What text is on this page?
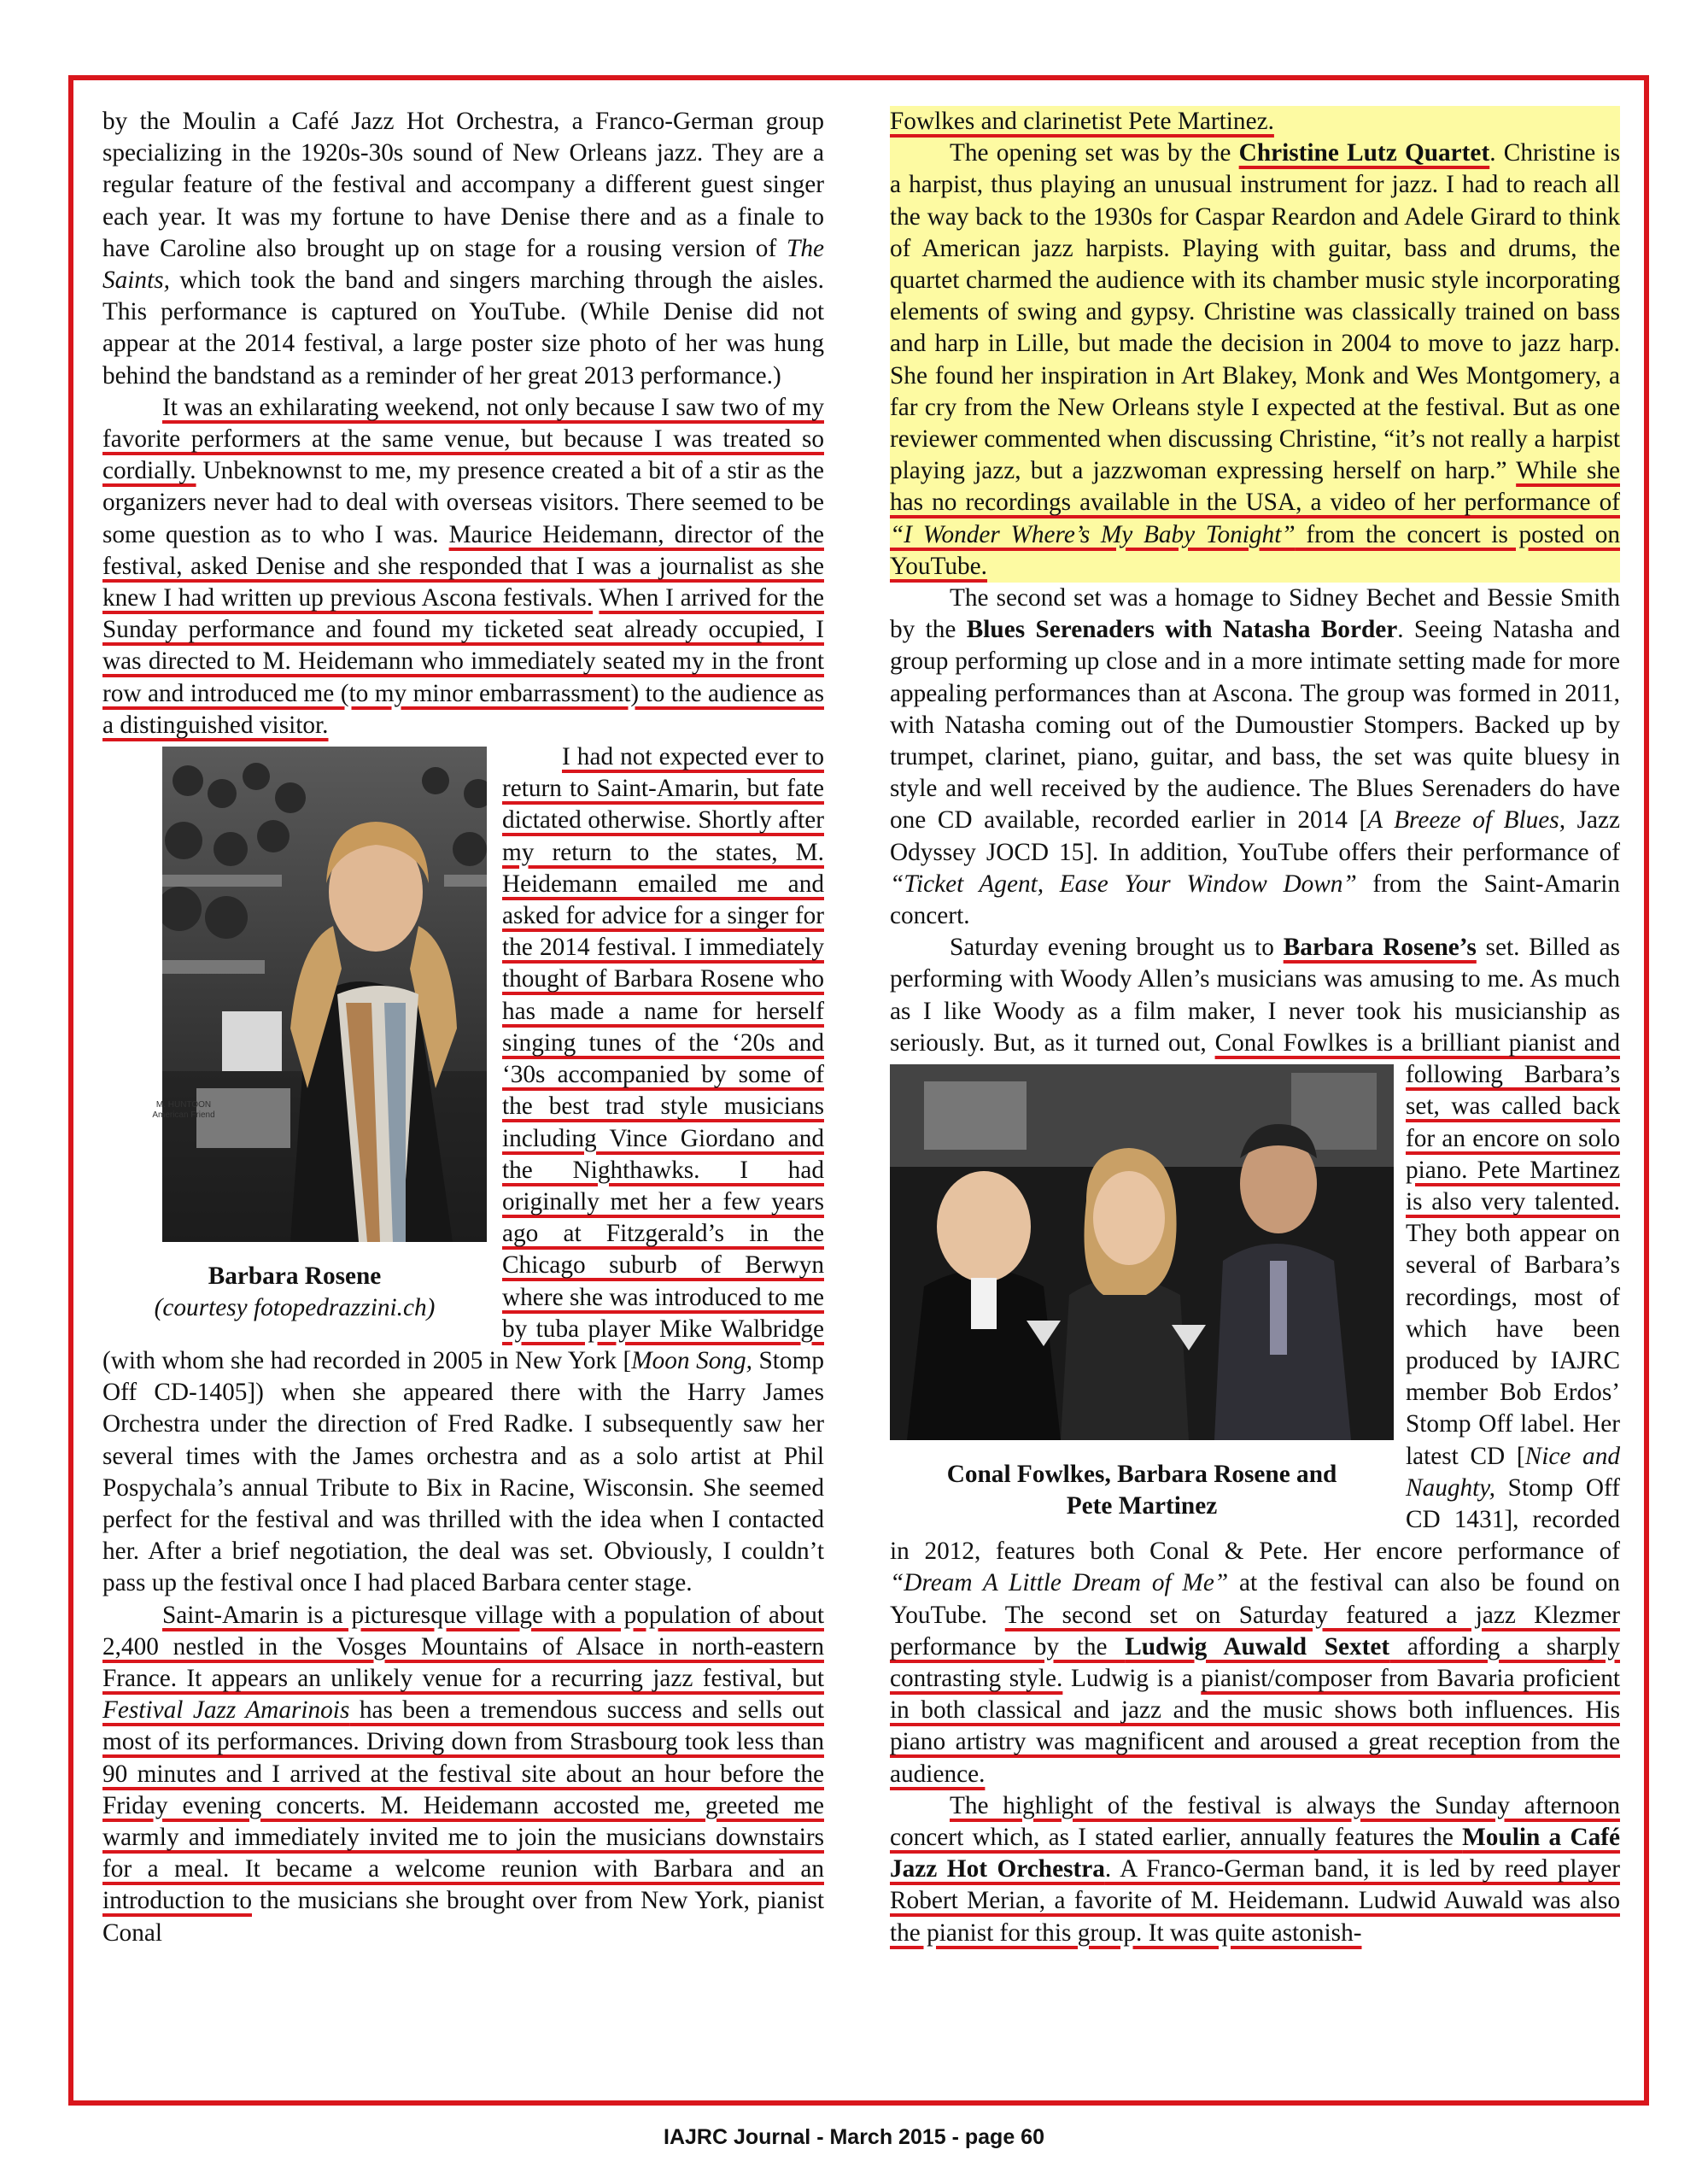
by the Moulin a Café Jazz Hot Orchestra, a Franco-German group specializing in the 1920s-30s sound of New Orleans jazz. They are a regular feature of the festival and accompany a different guest singer each year. It was my fortune to have Denise there and as a finale to have Caroline also brought up on stage for a rousing version of The Saints, which took the band and singers marching through the aisles. This performance is captured on YouTube. (While Denise did not appear at the 2014 festival, a large poster size photo of her was hung behind the bandstand as a reminder of her great 2013 performance.)

It was an exhilarating weekend, not only because I saw two of my favorite performers at the same venue, but because I was treated so cordially. Unbeknownst to me, my presence created a bit of a stir as the organizers never had to deal with overseas visitors. There seemed to be some question as to who I was. Maurice Heidemann, director of the festival, asked Denise and she responded that I was a journalist as she knew I had written up previous Ascona festivals. When I arrived for the Sunday performance and found my ticketed seat already occupied, I was directed to M. Heidemann who immediately seated my in the front row and introduced me (to my minor embarrassment) to the audience as a distinguished visitor.

M. HUNTOON American Friend
Barbara Rosene
(courtesy fotopedrazzini.ch)
I had not expected ever to return to Saint-Amarin, but fate dictated otherwise. Shortly after my return to the states, M. Heidemann emailed me and asked for advice for a singer for the 2014 festival. I immediately thought of Barbara Rosene who has made a name for herself singing tunes of the ‘20s and ‘30s accompanied by some of the best trad style musicians including Vince Giordano and the Nighthawks. I had originally met her a few years ago at Fitzgerald’s in the Chicago suburb of Berwyn where she was introduced to me by tuba player Mike Walbridge (with whom she had recorded in 2005 in New York [Moon Song, Stomp Off CD-1405]) when she appeared there with the Harry James Orchestra under the direction of Fred Radke. I subsequently saw her several times with the James orchestra and as a solo artist at Phil Pospychala’s annual Tribute to Bix in Racine, Wisconsin. She seemed perfect for the festival and was thrilled with the idea when I contacted her. After a brief negotiation, the deal was set. Obviously, I couldn’t pass up the festival once I had placed Barbara center stage.

Saint-Amarin is a picturesque village with a population of about 2,400 nestled in the Vosges Mountains of Alsace in north-eastern France. It appears an unlikely venue for a recurring jazz festival, but Festival Jazz Amarinois has been a tremendous success and sells out most of its performances. Driving down from Strasbourg took less than 90 minutes and I arrived at the festival site about an hour before the Friday evening concerts. M. Heidemann accosted me, greeted me warmly and immediately invited me to join the musicians downstairs for a meal. It became a welcome reunion with Barbara and an introduction to the musicians she brought over from New York, pianist Conal

Fowlkes and clarinetist Pete Martinez.

The opening set was by the Christine Lutz Quartet. Christine is a harpist, thus playing an unusual instrument for jazz. I had to reach all the way back to the 1930s for Caspar Reardon and Adele Girard to think of American jazz harpists. Playing with guitar, bass and drums, the quartet charmed the audience with its chamber music style incorporating elements of swing and gypsy. Christine was classically trained on bass and harp in Lille, but made the decision in 2004 to move to jazz harp. She found her inspiration in Art Blakey, Monk and Wes Montgomery, a far cry from the New Orleans style I expected at the festival. But as one reviewer commented when discussing Christine, “it’s not really a harpist playing jazz, but a jazzwoman expressing herself on harp.” While she has no recordings available in the USA, a video of her performance of “I Wonder Where’s My Baby Tonight” from the concert is posted on YouTube.

The second set was a homage to Sidney Bechet and Bessie Smith by the Blues Serenaders with Natasha Border. Seeing Natasha and group performing up close and in a more intimate setting made for more appealing performances than at Ascona. The group was formed in 2011, with Natasha coming out of the Dumoustier Stompers. Backed up by trumpet, clarinet, piano, guitar, and bass, the set was quite bluesy in style and well received by the audience. The Blues Serenaders do have one CD available, recorded earlier in 2014 [A Breeze of Blues, Jazz Odyssey JOCD 15]. In addition, YouTube offers their performance of “Ticket Agent, Ease Your Window Down” from the Saint-Amarin concert.

Saturday evening brought us to Barbara Rosene’s set. Billed as performing with Woody Allen’s musicians was amusing to me. As much as I like Woody as a film maker, I never took his musicianship as seriously. But, as it turned out,
Conal Fowlkes, Barbara Rosene and Pete Martinez
Conal Fowlkes is a brilliant pianist and following Barbara’s set, was called back for an encore on solo piano. Pete Martinez is also very talented. They both appear on several of Barbara’s recordings, most of which have been produced by IAJRC member Bob Erdos’ Stomp Off label. Her latest CD [Nice and Naughty, Stomp Off CD 1431], recorded in 2012, features both Conal & Pete. Her encore performance of “Dream A Little Dream of Me” at the festival can also be found on YouTube. The second set on Saturday featured a jazz Klezmer performance by the Ludwig Auwald Sextet affording a sharply contrasting style. Ludwig is a pianist/composer from Bavaria proficient in both classical and jazz and the music shows both influences. His piano artistry was magnificent and aroused a great reception from the audience.

The highlight of the festival is always the Sunday afternoon concert which, as I stated earlier, annually features the Moulin a Café Jazz Hot Orchestra. A Franco-German band, it is led by reed player Robert Merian, a favorite of M. Heidemann. Ludwid Auwald was also the pianist for this group. It was quite astonish-

IAJRC Journal - March 2015 - page 60
